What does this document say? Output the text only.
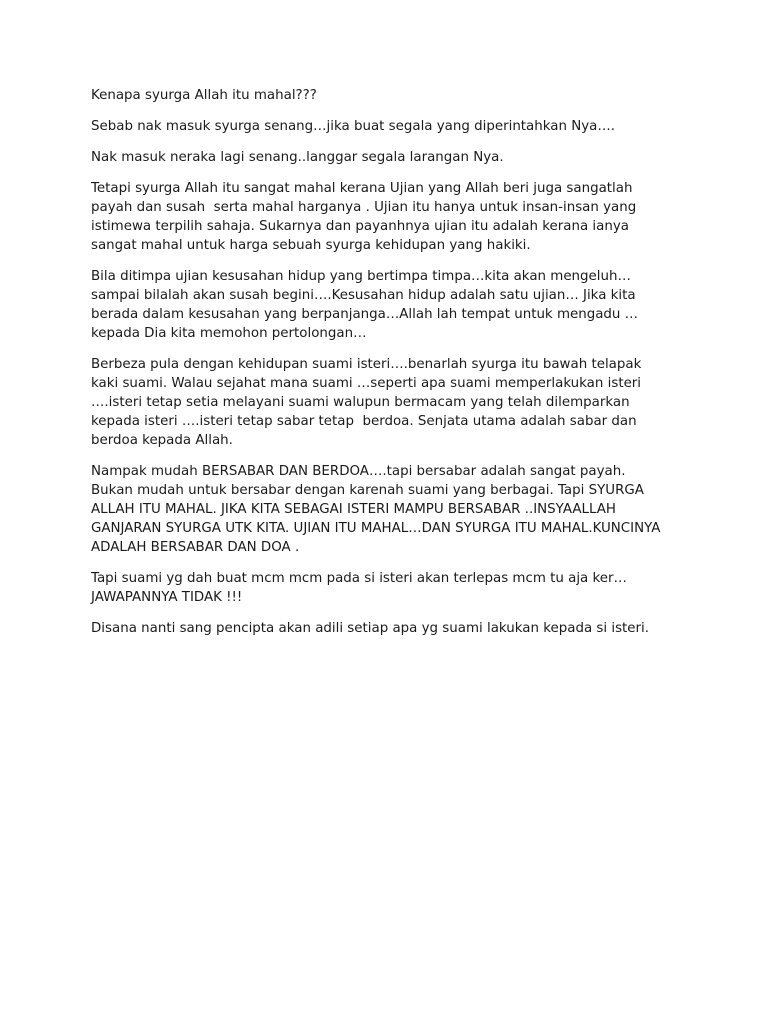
Kenapa syurga Allah itu mahal???

Sebab nak masuk syurga senang…jika buat segala yang diperintahkan Nya….

Nak masuk neraka lagi senang..langgar segala larangan Nya.

Tetapi syurga Allah itu sangat mahal kerana Ujian yang Allah beri juga sangatlah
payah dan susah  serta mahal harganya . Ujian itu hanya untuk insan-insan yang
istimewa terpilih sahaja. Sukarnya dan payanhnya ujian itu adalah kerana ianya
sangat mahal untuk harga sebuah syurga kehidupan yang hakiki.

Bila ditimpa ujian kesusahan hidup yang bertimpa timpa…kita akan mengeluh…
sampai bilalah akan susah begini….Kesusahan hidup adalah satu ujian… Jika kita
berada dalam kesusahan yang berpanjanga…Allah lah tempat untuk mengadu …
kepada Dia kita memohon pertolongan…

Berbeza pula dengan kehidupan suami isteri….benarlah syurga itu bawah telapak
kaki suami. Walau sejahat mana suami …seperti apa suami memperlakukan isteri
….isteri tetap setia melayani suami walupun bermacam yang telah dilemparkan
kepada isteri ….isteri tetap sabar tetap  berdoa. Senjata utama adalah sabar dan
berdoa kepada Allah.

Nampak mudah BERSABAR DAN BERDOA….tapi bersabar adalah sangat payah.
Bukan mudah untuk bersabar dengan karenah suami yang berbagai. Tapi SYURGA
ALLAH ITU MAHAL. JIKA KITA SEBAGAI ISTERI MAMPU BERSABAR ..INSYAALLAH
GANJARAN SYURGA UTK KITA. UJIAN ITU MAHAL…DAN SYURGA ITU MAHAL.KUNCINYA
ADALAH BERSABAR DAN DOA .

Tapi suami yg dah buat mcm mcm pada si isteri akan terlepas mcm tu aja ker…
JAWAPANNYA TIDAK !!!

Disana nanti sang pencipta akan adili setiap apa yg suami lakukan kepada si isteri.
